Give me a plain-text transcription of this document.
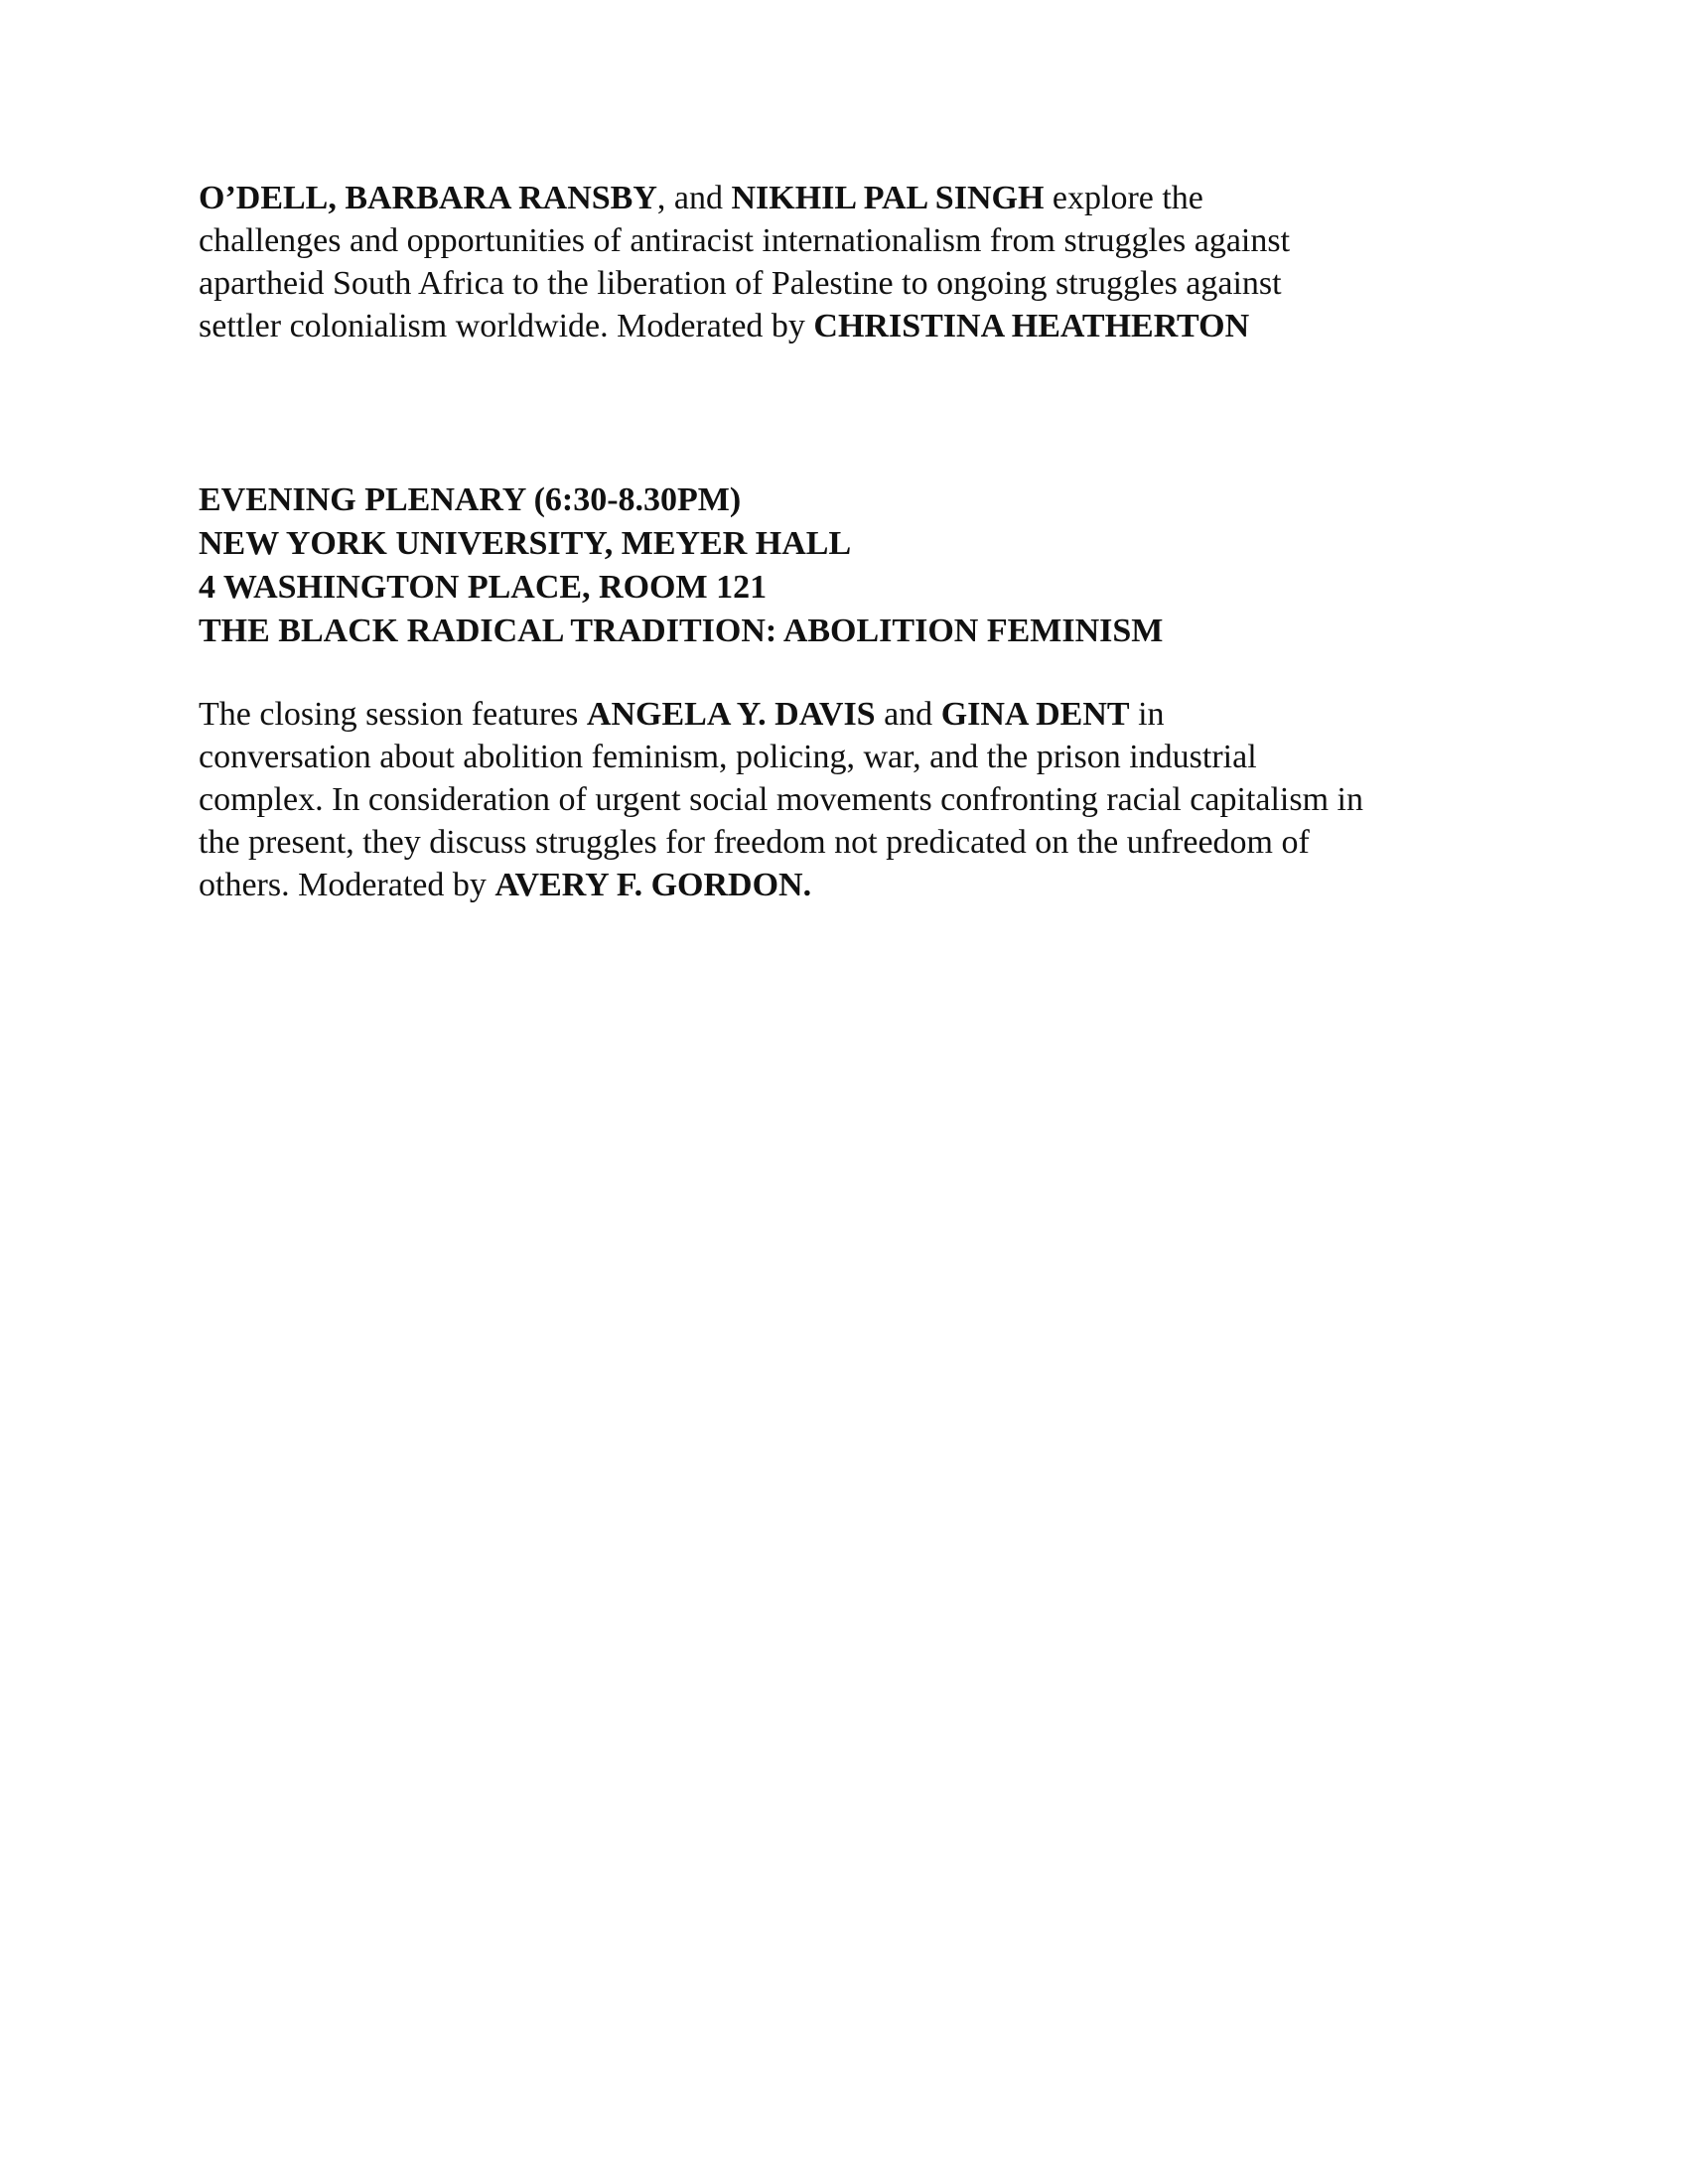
O’DELL, BARBARA RANSBY, and NIKHIL PAL SINGH explore the
challenges and opportunities of antiracist internationalism from struggles against
apartheid South Africa to the liberation of Palestine to ongoing struggles against
settler colonialism worldwide. Moderated by CHRISTINA HEATHERTON

EVENING PLENARY (6:30-8.30PM)
NEW YORK UNIVERSITY, MEYER HALL
4 WASHINGTON PLACE, ROOM 121
THE BLACK RADICAL TRADITION: ABOLITION FEMINISM

The closing session features ANGELA Y. DAVIS and GINA DENT in
conversation about abolition feminism, policing, war, and the prison industrial
complex. In consideration of urgent social movements confronting racial capitalism in
the present, they discuss struggles for freedom not predicated on the unfreedom of
others. Moderated by AVERY F. GORDON.
